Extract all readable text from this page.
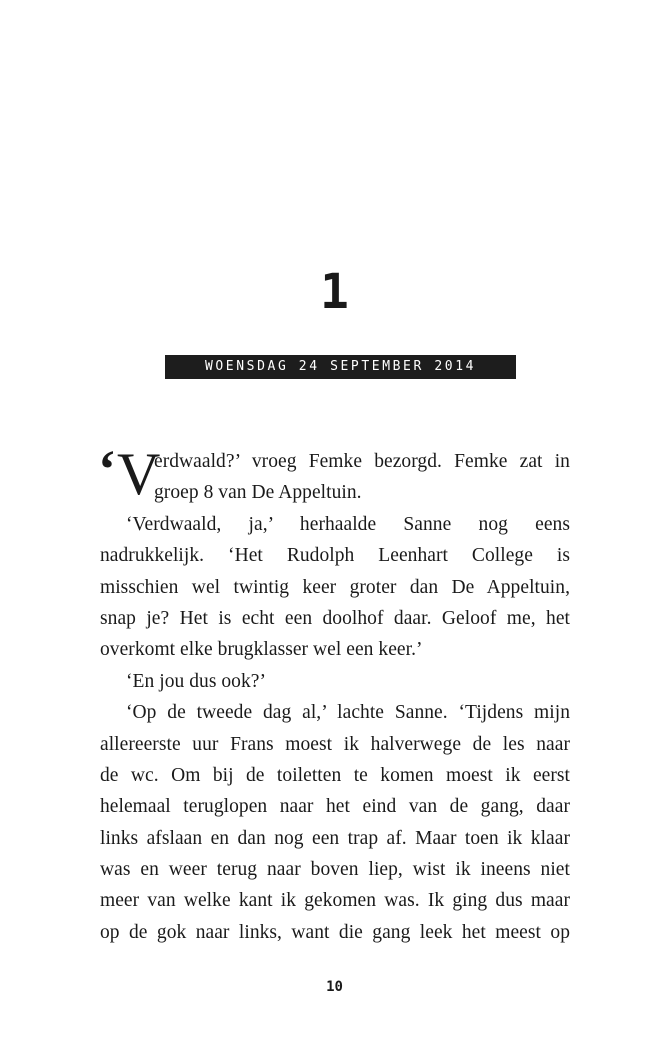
1
WOENSDAG 24 SEPTEMBER 2014
‘ V
erdwaald?’ vroeg Femke bezorgd. Femke zat in
groep 8 van De Appeltuin.
‘Verdwaald, ja,’ herhaalde Sanne nog eens
nadrukkelijk. ‘Het Rudolph Leenhart College is
misschien wel twintig keer groter dan De Appeltuin,
snap je? Het is echt een doolhof daar. Geloof me, het
overkomt elke brugklasser wel een keer.’
‘En jou dus ook?’
‘Op de tweede dag al,’ lachte Sanne. ‘Tijdens mijn
allereerste uur Frans moest ik halverwege de les naar
de wc. Om bij de toiletten te komen moest ik eerst
helemaal teruglopen naar het eind van de gang, daar
links afslaan en dan nog een trap af. Maar toen ik klaar
was en weer terug naar boven liep, wist ik ineens niet
meer van welke kant ik gekomen was. Ik ging dus maar
op de gok naar links, want die gang leek het meest op
10
